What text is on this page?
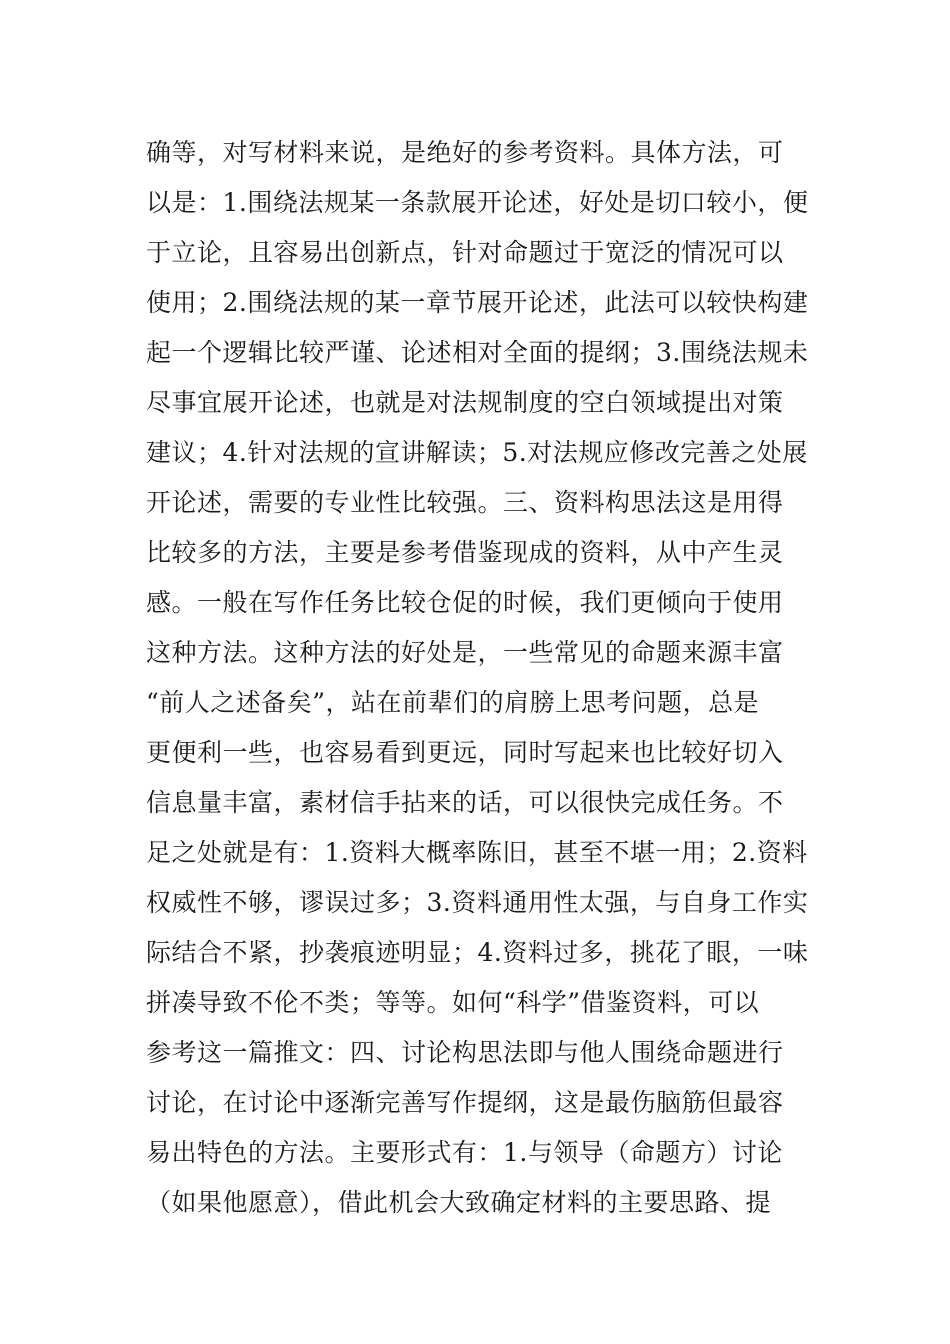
确等，对写材料来说，是绝好的参考资料。具体方法，可
以是：1.围绕法规某一条款展开论述，好处是切口较小，便
于立论，且容易出创新点，针对命题过于宽泛的情况可以
使用；2.围绕法规的某一章节展开论述，此法可以较快构建
起一个逻辑比较严谨、论述相对全面的提纲；3.围绕法规未
尽事宜展开论述，也就是对法规制度的空白领域提出对策
建议；4.针对法规的宣讲解读；5.对法规应修改完善之处展
开论述，需要的专业性比较强。三、资料构思法这是用得
比较多的方法，主要是参考借鉴现成的资料，从中产生灵
感。一般在写作任务比较仓促的时候，我们更倾向于使用
这种方法。这种方法的好处是，一些常见的命题来源丰富
“前人之述备矣”，站在前辈们的肩膀上思考问题，总是
更便利一些，也容易看到更远，同时写起来也比较好切入
信息量丰富，素材信手拈来的话，可以很快完成任务。不
足之处就是有：1.资料大概率陈旧，甚至不堪一用；2.资料
权威性不够，谬误过多；3.资料通用性太强，与自身工作实
际结合不紧，抄袭痕迹明显；4.资料过多，挑花了眼，一味
拼凑导致不伦不类；等等。如何“科学”借鉴资料，可以
参考这一篇推文：四、讨论构思法即与他人围绕命题进行
讨论，在讨论中逐渐完善写作提纲，这是最伤脑筋但最容
易出特色的方法。主要形式有：1.与领导（命题方）讨论
（如果他愿意），借此机会大致确定材料的主要思路、提
